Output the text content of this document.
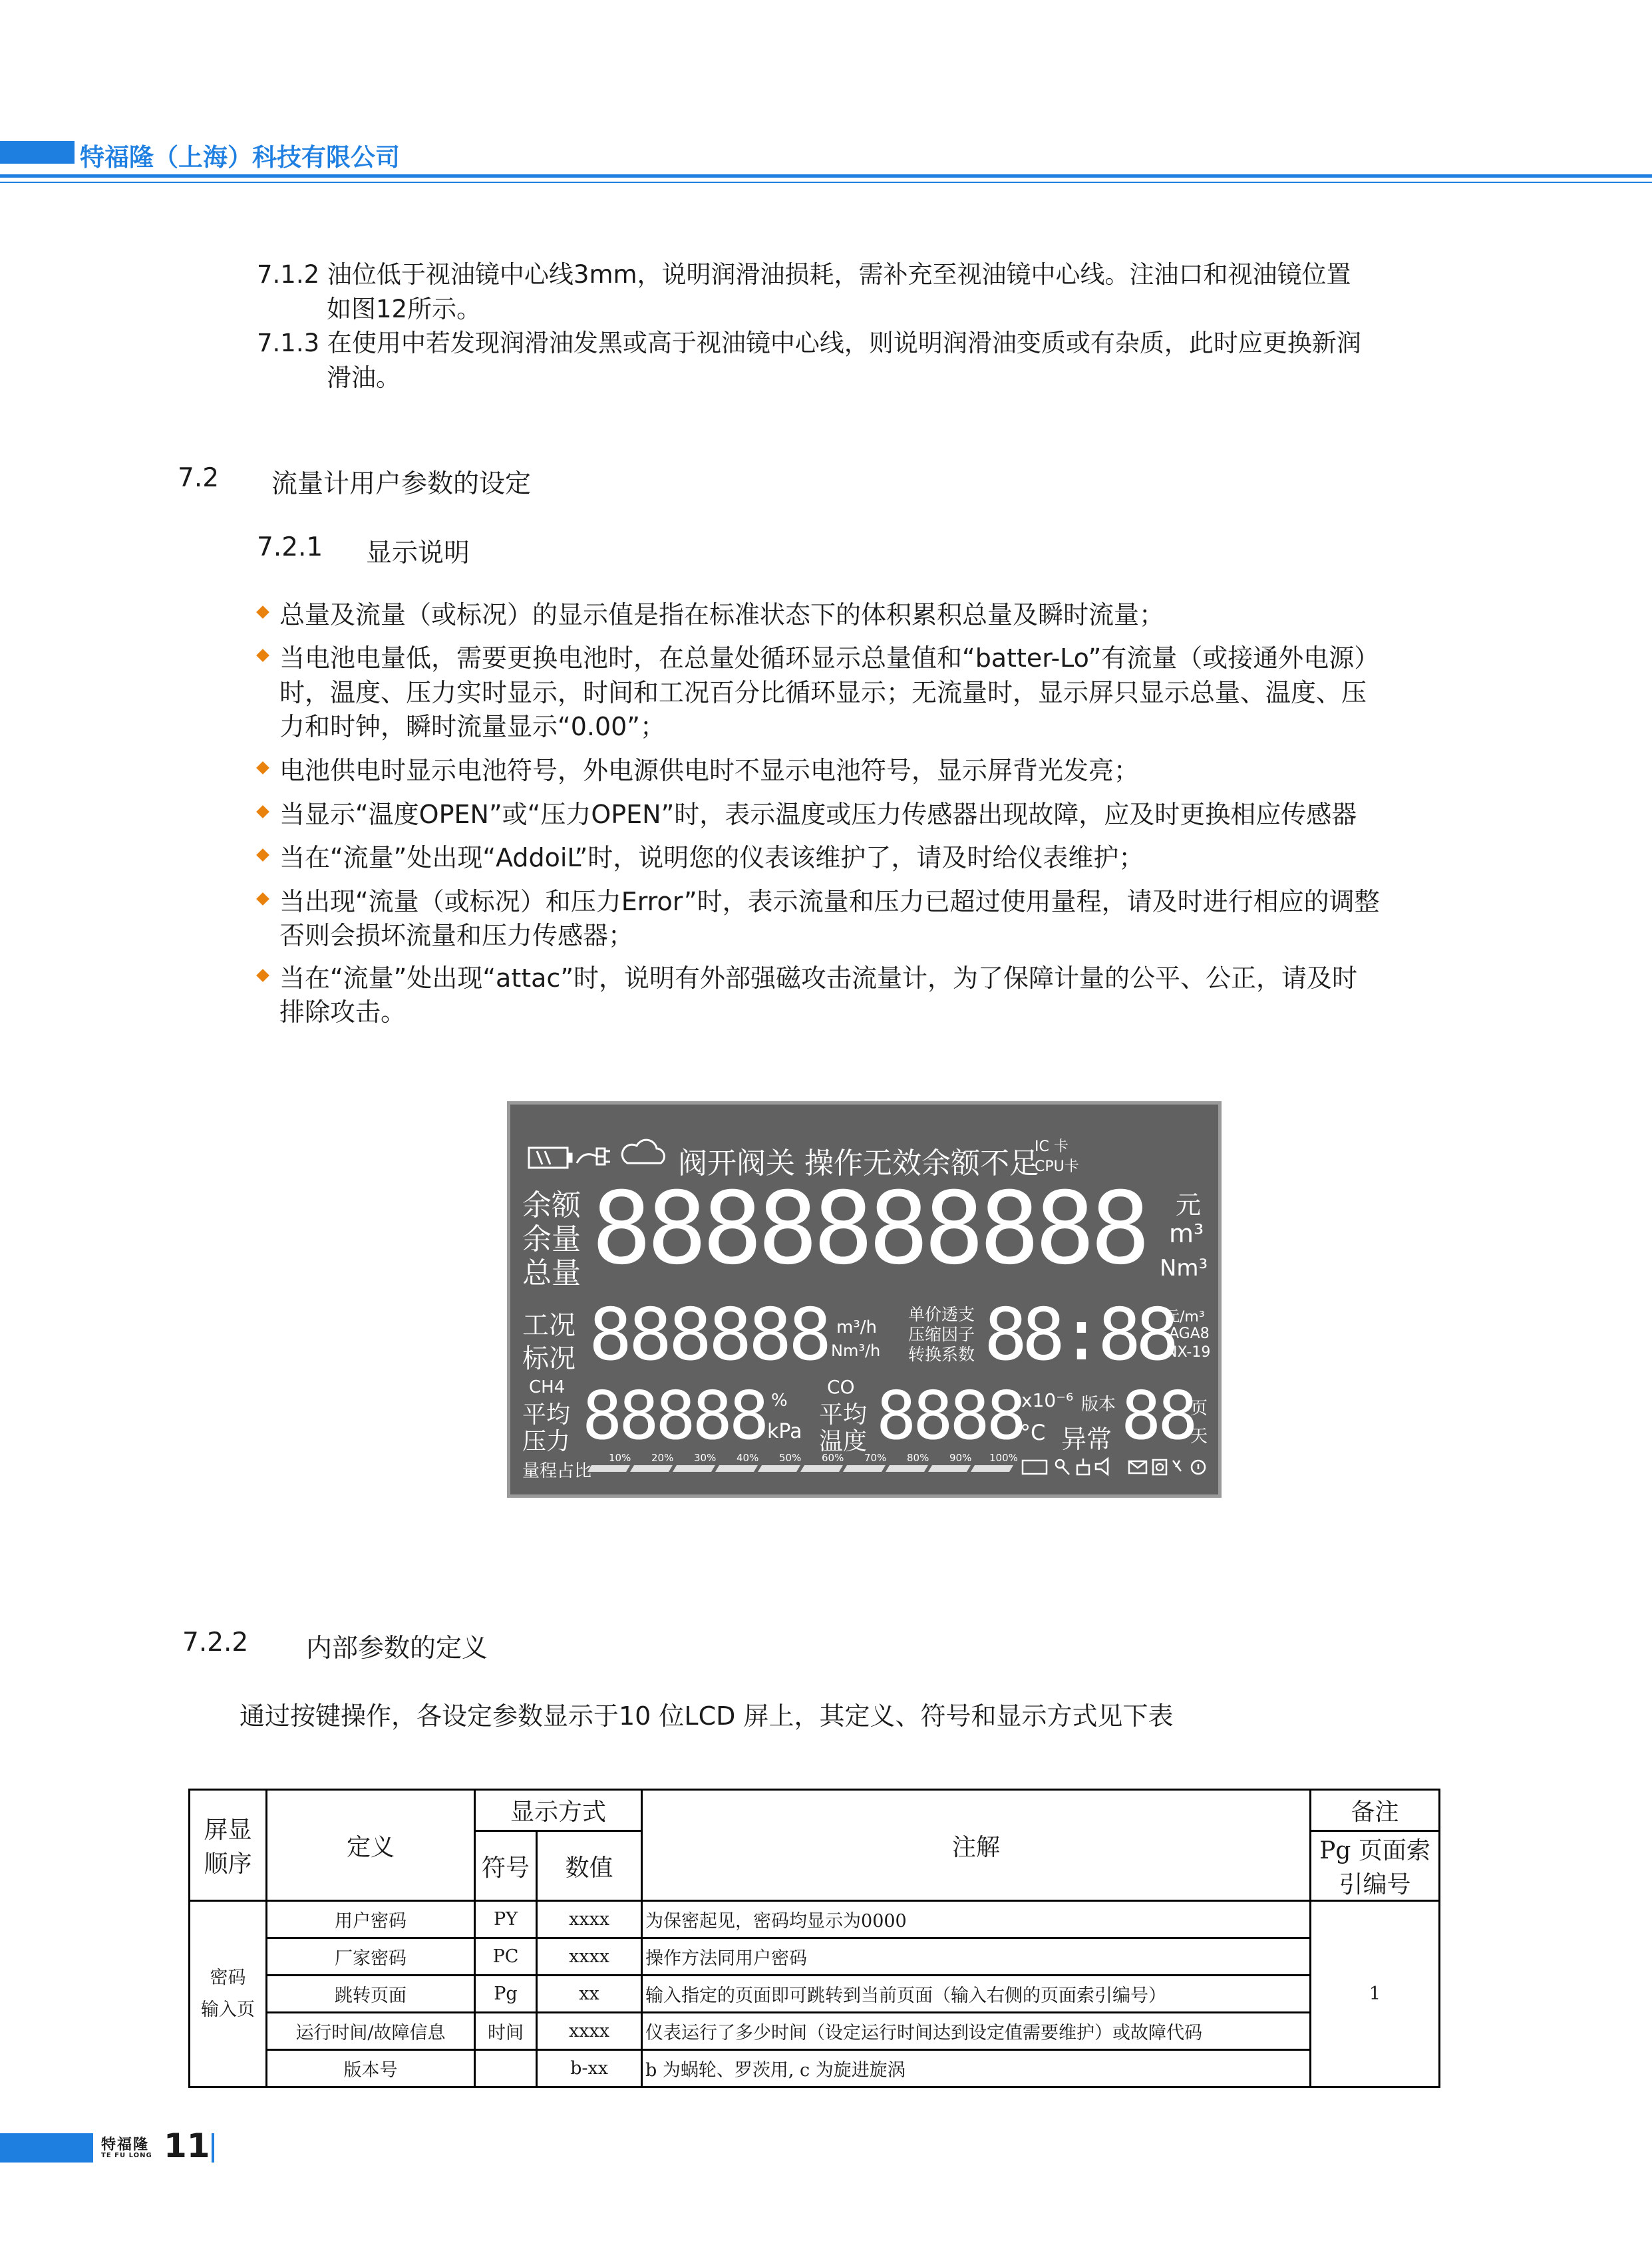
特福隆（上海）科技有限公司
7.1.2 油位低于视油镜中心线3mm，说明润滑油损耗，需补充至视油镜中心线。注油口和视油镜位置
如图12所示。
7.1.3 在使用中若发现润滑油发黑或高于视油镜中心线，则说明润滑油变质或有杂质，此时应更换新润
滑油。
7.2 流量计用户参数的设定
7.2.1 显示说明
总量及流量（或标况）的显示值是指在标准状态下的体积累积总量及瞬时流量；
当电池电量低，需要更换电池时，在总量处循环显示总量值和“batter-Lo”有流量（或接通外电源）
时，温度、压力实时显示，时间和工况百分比循环显示；无流量时，显示屏只显示总量、温度、压
力和时钟，瞬时流量显示“0.00”；
电池供电时显示电池符号，外电源供电时不显示电池符号，显示屏背光发亮；
当显示“温度OPEN”或“压力OPEN”时，表示温度或压力传感器出现故障，应及时更换相应传感器
当在“流量”处出现“AddoiL”时，说明您的仪表该维护了，请及时给仪表维护；
当出现“流量（或标况）和压力Error”时，表示流量和压力已超过使用量程，请及时进行相应的调整
否则会损坏流量和压力传感器；
当在“流量”处出现“attac”时，说明有外部强磁攻击流量计，为了保障计量的公平、公正，请及时
排除攻击。
阀开阀关 操作无效余额不足
IC 卡
CPU卡
余额
余量
总量 8888888888 元
m³
Nm³
工况
标况 888888 m³/h
Nm³/h
单价透支
压缩因子
转换系数 88:88
元/m³
AGA8
NX-19
CH4
平均
压力 88888 %
kPa
CO
平均
温度 8888
x10⁻⁶
°C
版本
异常 88
页
天
量程占比
10% 20% 30% 40% 50% 60% 70% 80% 90% 100%
7.2.2 内部参数的定义
通过按键操作，各设定参数显示于10 位LCD 屏上，其定义、符号和显示方式见下表
屏显
顺序	定义	显示方式		注解	备注
		符号	数值		Pg 页面索
引编号

密码
输入页	用户密码	PY	xxxx	为保密起见，密码均显示为0000	1
	厂家密码	PC	xxxx	操作方法同用户密码	
	跳转页面	Pg	xx	输入指定的页面即可跳转到当前页面（输入右侧的页面索引编号）	
	运行时间/故障信息	时间	xxxx	仪表运行了多少时间（设定运行时间达到设定值需要维护）或故障代码	
	版本号		b-xx	b 为蜗轮、罗茨用, c 为旋进旋涡	
特福隆
TE FU LONG 11
